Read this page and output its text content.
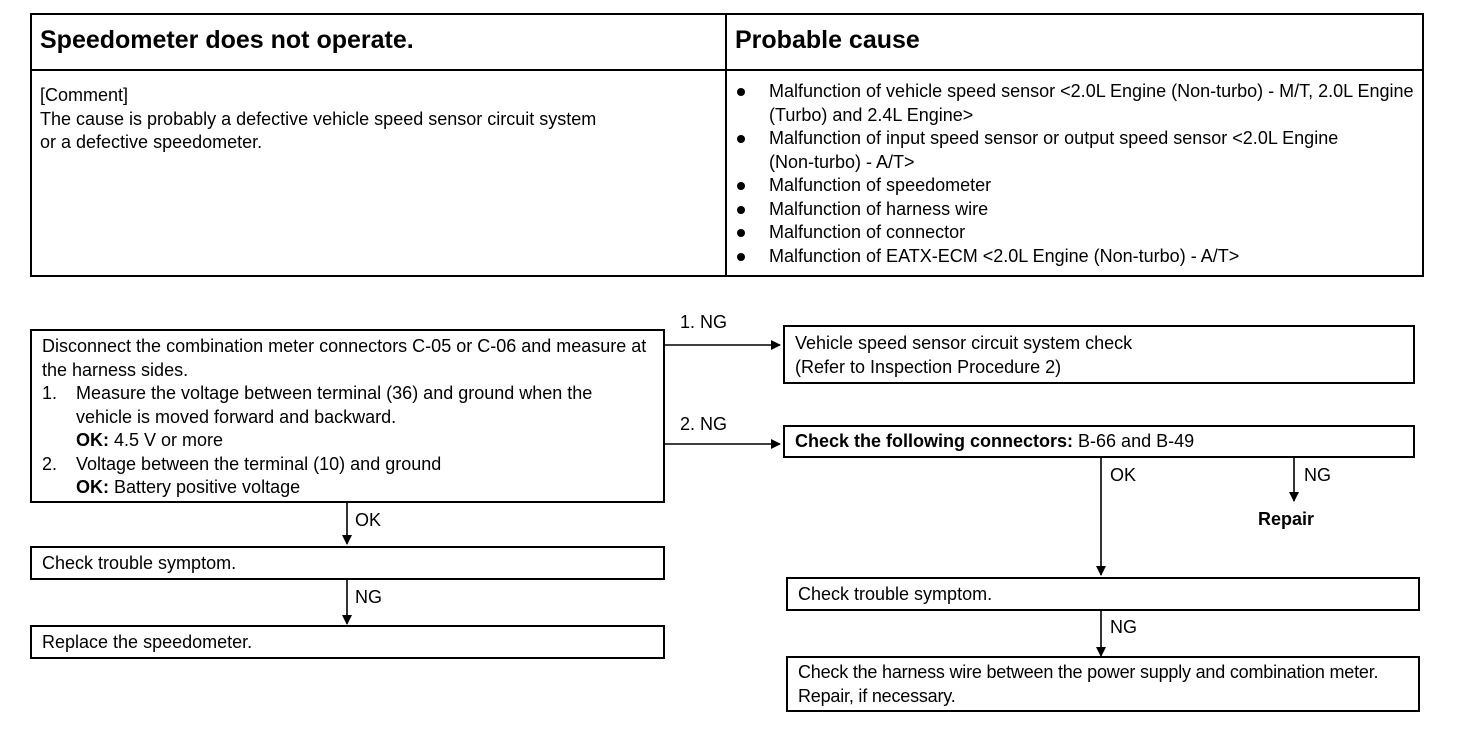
Speedometer does not operate.	Probable cause
[Comment]
The cause is probably a defective vehicle speed sensor circuit system
or a defective speedometer.
Malfunction of vehicle speed sensor <2.0L Engine (Non-turbo) - M/T, 2.0L Engine (Turbo) and 2.4L Engine>
Malfunction of input speed sensor or output speed sensor <2.0L Engine (Non-turbo) - A/T>
Malfunction of speedometer
Malfunction of harness wire
Malfunction of connector
Malfunction of EATX-ECM <2.0L Engine (Non-turbo) - A/T>
Disconnect the combination meter connectors C-05 or C-06 and measure at the harness sides.
1. Measure the voltage between terminal (36) and ground when the vehicle is moved forward and backward.
OK: 4.5 V or more
2. Voltage between the terminal (10) and ground
OK: Battery positive voltage
Vehicle speed sensor circuit system check
(Refer to Inspection Procedure 2)
Check the following connectors: B-66 and B-49
Check trouble symptom.
Replace the speedometer.
Check trouble symptom.
Check the harness wire between the power supply and combination meter. Repair, if necessary.
1. NG
2. NG
OK
NG
OK	NG
Repair
NG
